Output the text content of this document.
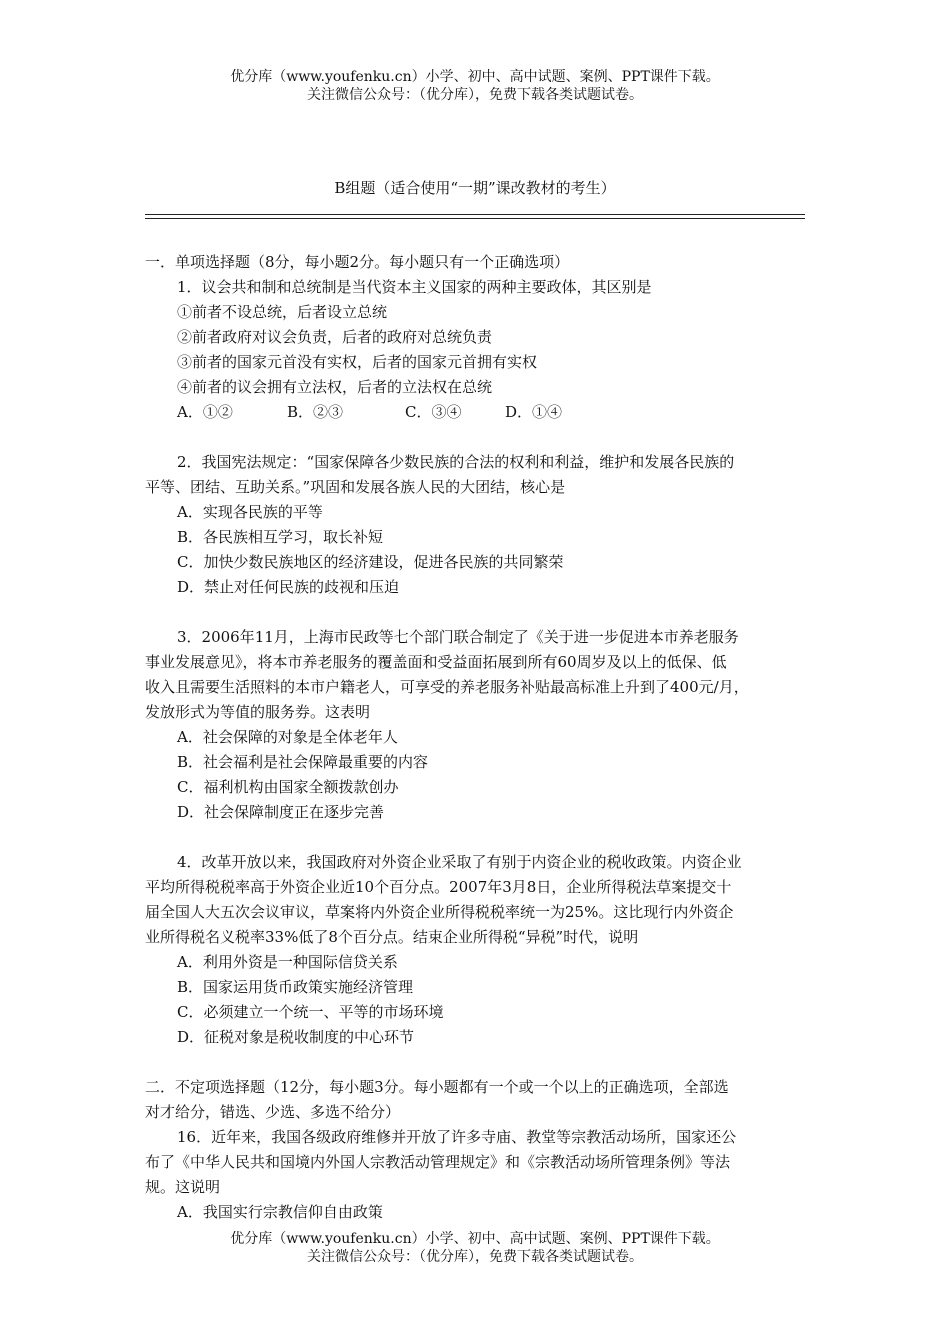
优分库（www.youfenku.cn）小学、初中、高中试题、案例、PPT课件下载。
关注微信公众号：（优分库），免费下载各类试题试卷。
B组题（适合使用“一期”课改教材的考生）
一．单项选择题（8分，每小题2分。每小题只有一个正确选项）
1．议会共和制和总统制是当代资本主义国家的两种主要政体，其区别是
①前者不设总统，后者设立总统
②前者政府对议会负责，后者的政府对总统负责
③前者的国家元首没有实权，后者的国家元首拥有实权
④前者的议会拥有立法权，后者的立法权在总统
A．①②	B．②③	C．③④	D．①④
2．我国宪法规定：“国家保障各少数民族的合法的权利和利益，维护和发展各民族的
平等、团结、互助关系。”巩固和发展各族人民的大团结，核心是
A．实现各民族的平等
B．各民族相互学习，取长补短
C．加快少数民族地区的经济建设，促进各民族的共同繁荣
D．禁止对任何民族的歧视和压迫
3．2006年11月，上海市民政等七个部门联合制定了《关于进一步促进本市养老服务
事业发展意见》，将本市养老服务的覆盖面和受益面拓展到所有60周岁及以上的低保、低
收入且需要生活照料的本市户籍老人，可享受的养老服务补贴最高标准上升到了400元/月，
发放形式为等值的服务券。这表明
A．社会保障的对象是全体老年人
B．社会福利是社会保障最重要的内容
C．福利机构由国家全额拨款创办
D．社会保障制度正在逐步完善
4．改革开放以来，我国政府对外资企业采取了有别于内资企业的税收政策。内资企业
平均所得税税率高于外资企业近10个百分点。2007年3月8日，企业所得税法草案提交十
届全国人大五次会议审议，草案将内外资企业所得税税率统一为25%。这比现行内外资企
业所得税名义税率33%低了8个百分点。结束企业所得税“异税”时代，说明
A．利用外资是一种国际信贷关系
B．国家运用货币政策实施经济管理
C．必须建立一个统一、平等的市场环境
D．征税对象是税收制度的中心环节
二．不定项选择题（12分，每小题3分。每小题都有一个或一个以上的正确选项，全部选
对才给分，错选、少选、多选不给分）
16．近年来，我国各级政府维修并开放了许多寺庙、教堂等宗教活动场所，国家还公
布了《中华人民共和国境内外国人宗教活动管理规定》和《宗教活动场所管理条例》等法
规。这说明
A．我国实行宗教信仰自由政策
优分库（www.youfenku.cn）小学、初中、高中试题、案例、PPT课件下载。
关注微信公众号：（优分库），免费下载各类试题试卷。
